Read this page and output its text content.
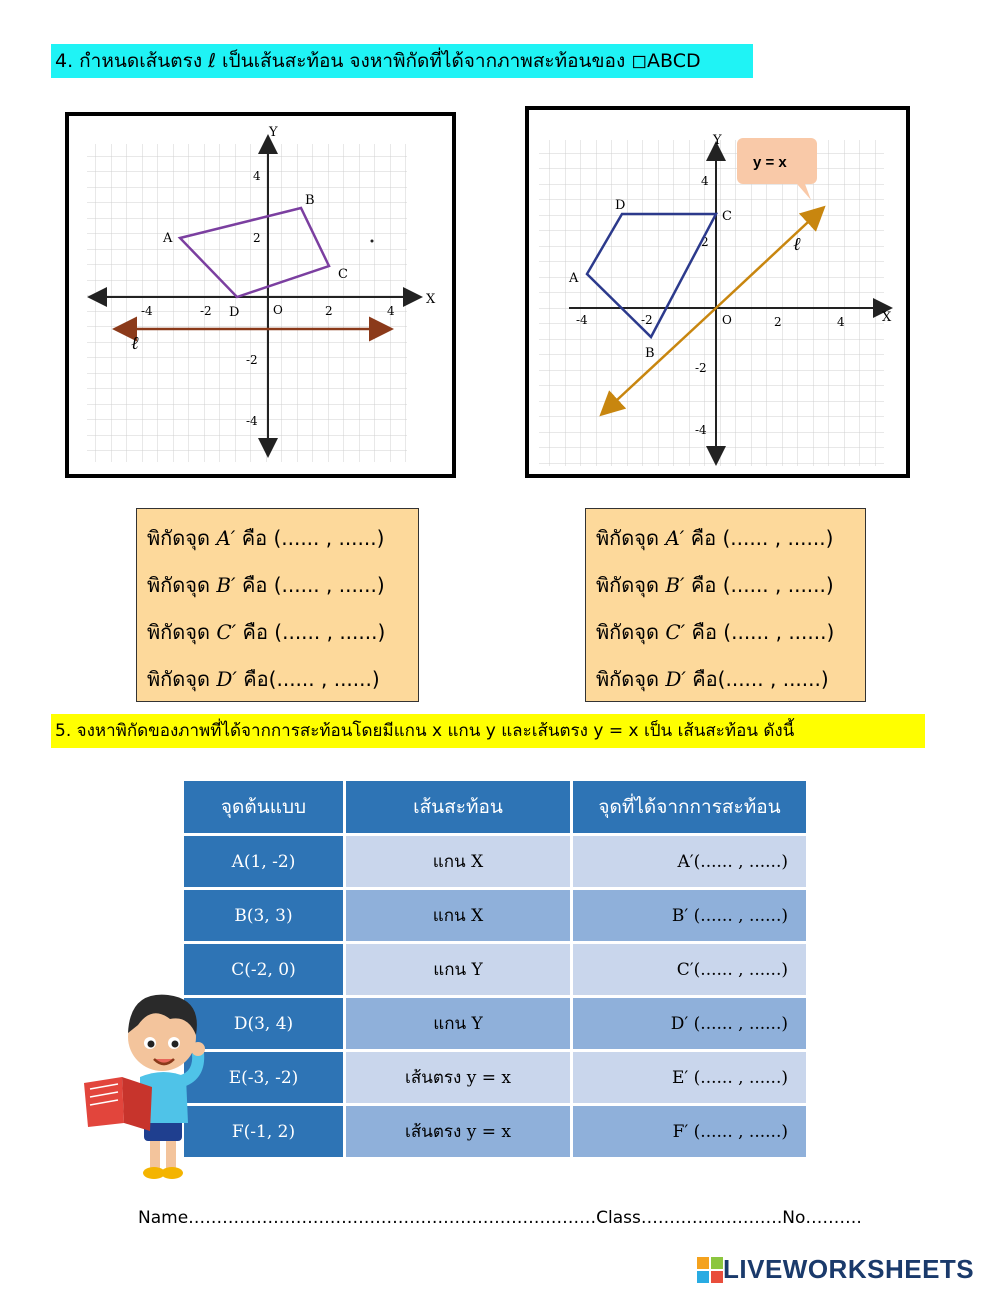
4. กำหนดเส้นตรง ℓ เป็นเส้นสะท้อน จงหาพิกัดที่ได้จากภาพสะท้อนของ ◻ABCD
X
Y
O
-4	-2	2	4
4
2
-2
-4
A
B
C
D
ℓ
X
Y
O	2	4
4
2
-2
-4
-4	-2
ℓ
A
D
C
B
y = x
พิกัดจุด A′ คือ (...... , ......)
พิกัดจุด B′ คือ (...... , ......)
พิกัดจุด C′ คือ (...... , ......)
พิกัดจุด D′ คือ(...... , ......)
พิกัดจุด A′ คือ (...... , ......)
พิกัดจุด B′ คือ (...... , ......)
พิกัดจุด C′ คือ (...... , ......)
พิกัดจุด D′ คือ(...... , ......)
5. จงหาพิกัดของภาพที่ได้จากการสะท้อนโดยมีแกน x แกน y และเส้นตรง y = x เป็น เส้นสะท้อน ดังนี้
จุดต้นแบบ	เส้นสะท้อน	จุดที่ได้จากการสะท้อน
A(1, -2)	แกน X	A′(...... , ......)
B(3, 3)	แกน X	B′ (...... , ......)
C(-2, 0)	แกน Y	C′(...... , ......)
D(3, 4)	แกน Y	D′ (...... , ......)
E(-3, -2)	เส้นตรง y = x	E′ (...... , ......)
F(-1, 2)	เส้นตรง y = x	F′ (...... , ......)
Name………………………………………………………………Class…………………….No……….
LIVEWORKSHEETS
